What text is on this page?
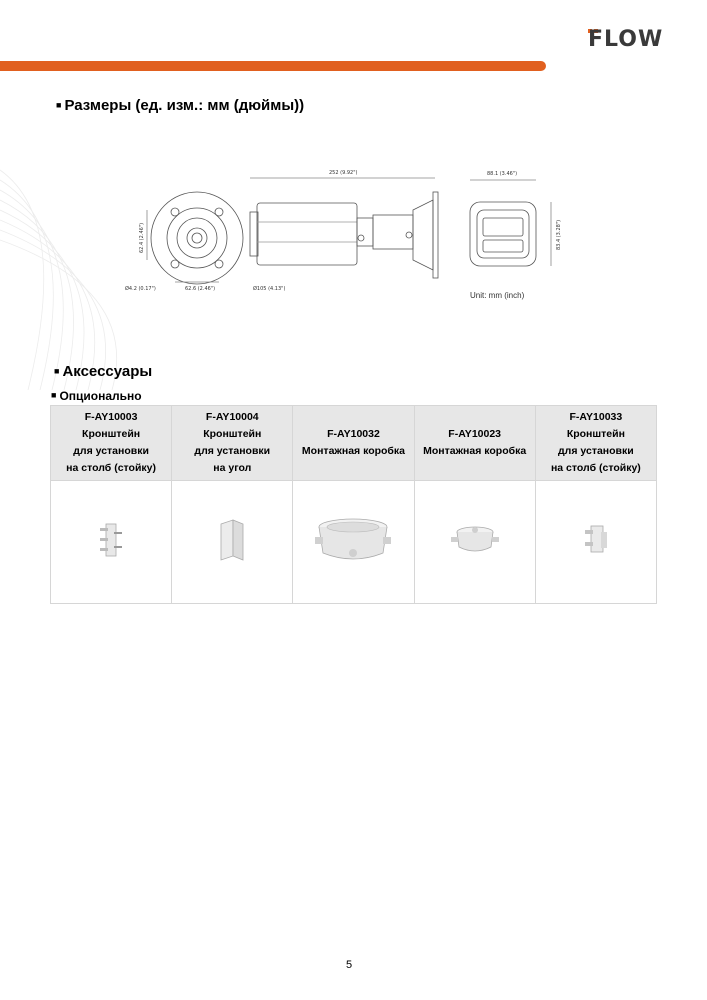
FLOW
■ Размеры (ед. изм.: мм (дюймы))
252 (9.92")	88.1 (3.46")
83.4 (3.28")
62.4 (2.46")
Ø4.2 (0.17")	62.6 (2.46")	Ø105 (4.13")
Unit: mm (inch)
■ Аксессуары
■ Опционально
F-AY10003
Кронштейн
для установки
на столб (стойку)	F-AY10004
Кронштейн
для установки
на угол	F-AY10032
Монтажная коробка	F-AY10023
Монтажная коробка	F-AY10033
Кронштейн
для установки
на столб (стойку)

5
